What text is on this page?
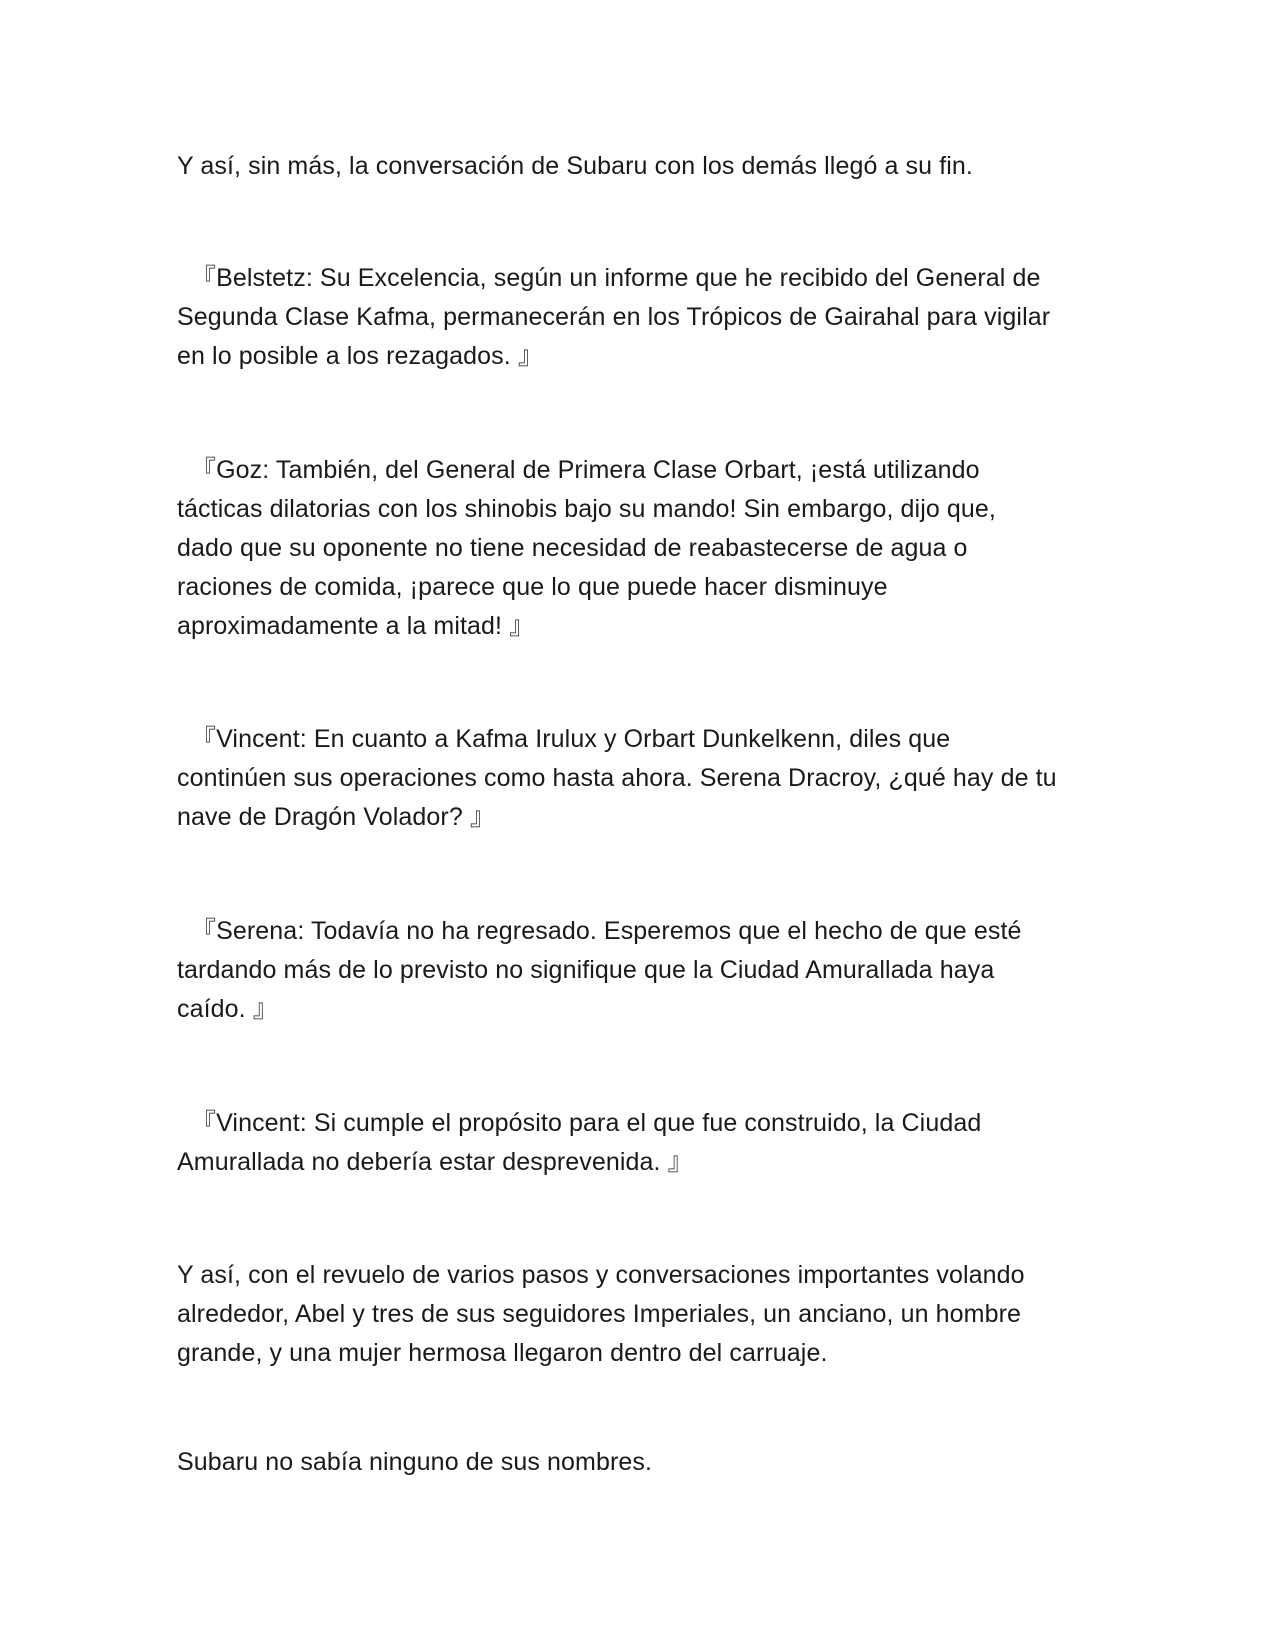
Y así, sin más, la conversación de Subaru con los demás llegó a su fin.

『Belstetz: Su Excelencia, según un informe que he recibido del General de
Segunda Clase Kafma, permanecerán en los Trópicos de Gairahal para vigilar
en lo posible a los rezagados. 』

『Goz: También, del General de Primera Clase Orbart, ¡está utilizando
tácticas dilatorias con los shinobis bajo su mando! Sin embargo, dijo que,
dado que su oponente no tiene necesidad de reabastecerse de agua o
raciones de comida, ¡parece que lo que puede hacer disminuye
aproximadamente a la mitad! 』

『Vincent: En cuanto a Kafma Irulux y Orbart Dunkelkenn, diles que
continúen sus operaciones como hasta ahora. Serena Dracroy, ¿qué hay de tu
nave de Dragón Volador? 』

『Serena: Todavía no ha regresado. Esperemos que el hecho de que esté
tardando más de lo previsto no signifique que la Ciudad Amurallada haya
caído. 』

『Vincent: Si cumple el propósito para el que fue construido, la Ciudad
Amurallada no debería estar desprevenida. 』

Y así, con el revuelo de varios pasos y conversaciones importantes volando
alrededor, Abel y tres de sus seguidores Imperiales, un anciano, un hombre
grande, y una mujer hermosa llegaron dentro del carruaje.

Subaru no sabía ninguno de sus nombres.
